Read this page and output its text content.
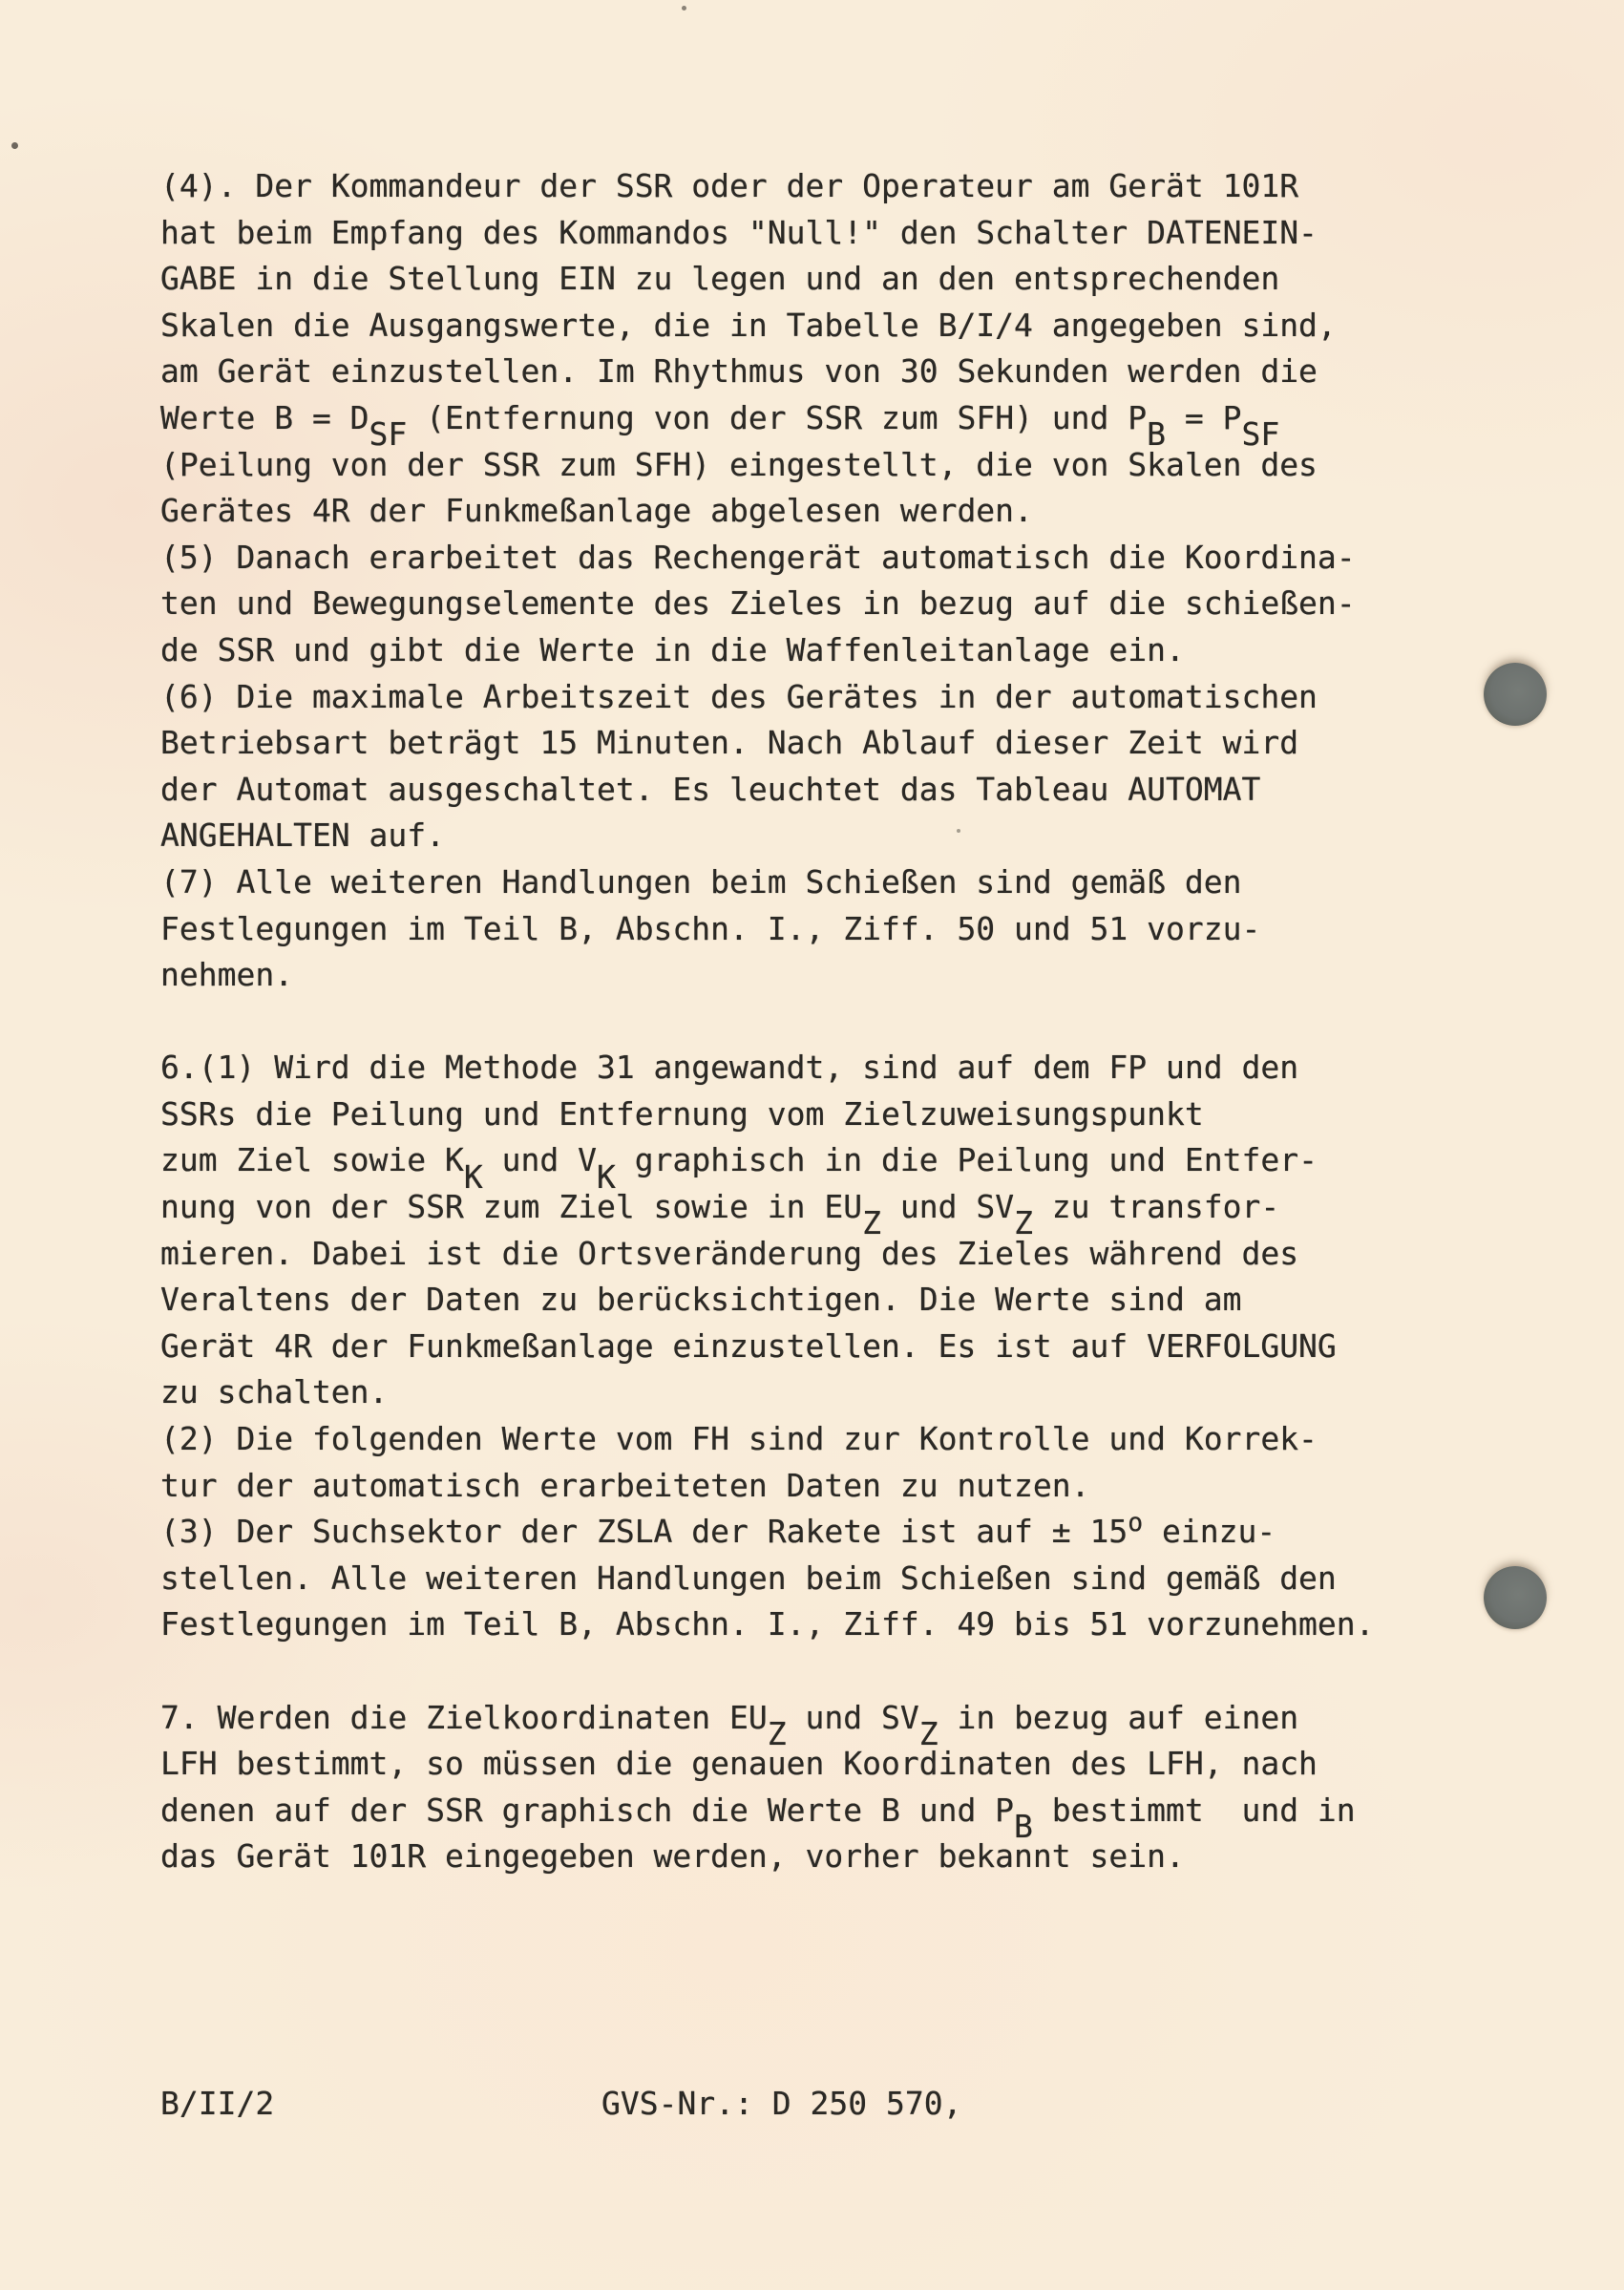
(4). Der Kommandeur der SSR oder der Operateur am Gerät 101R
hat beim Empfang des Kommandos "Null!" den Schalter DATENEIN-
GABE in die Stellung EIN zu legen und an den entsprechenden
Skalen die Ausgangswerte, die in Tabelle B/I/4 angegeben sind,
am Gerät einzustellen. Im Rhythmus von 30 Sekunden werden die
Werte B = DSF (Entfernung von der SSR zum SFH) und PB = PSF
(Peilung von der SSR zum SFH) eingestellt, die von Skalen des
Gerätes 4R der Funkmeßanlage abgelesen werden.
(5) Danach erarbeitet das Rechengerät automatisch die Koordina-
ten und Bewegungselemente des Zieles in bezug auf die schießen-
de SSR und gibt die Werte in die Waffenleitanlage ein.
(6) Die maximale Arbeitszeit des Gerätes in der automatischen
Betriebsart beträgt 15 Minuten. Nach Ablauf dieser Zeit wird
der Automat ausgeschaltet. Es leuchtet das Tableau AUTOMAT
ANGEHALTEN auf.
(7) Alle weiteren Handlungen beim Schießen sind gemäß den
Festlegungen im Teil B, Abschn. I., Ziff. 50 und 51 vorzu-
nehmen.

6.(1) Wird die Methode 31 angewandt, sind auf dem FP und den
SSRs die Peilung und Entfernung vom Zielzuweisungspunkt
zum Ziel sowie KK und VK graphisch in die Peilung und Entfer-
nung von der SSR zum Ziel sowie in EUZ und SVZ zu transfor-
mieren. Dabei ist die Ortsveränderung des Zieles während des
Veraltens der Daten zu berücksichtigen. Die Werte sind am
Gerät 4R der Funkmeßanlage einzustellen. Es ist auf VERFOLGUNG
zu schalten.
(2) Die folgenden Werte vom FH sind zur Kontrolle und Korrek-
tur der automatisch erarbeiteten Daten zu nutzen.
(3) Der Suchsektor der ZSLA der Rakete ist auf ± 15o einzu-
stellen. Alle weiteren Handlungen beim Schießen sind gemäß den
Festlegungen im Teil B, Abschn. I., Ziff. 49 bis 51 vorzunehmen.

7. Werden die Zielkoordinaten EUZ und SVZ in bezug auf einen
LFH bestimmt, so müssen die genauen Koordinaten des LFH, nach
denen auf der SSR graphisch die Werte B und PB bestimmt  und in
das Gerät 101R eingegeben werden, vorher bekannt sein.

B/II/2

	GVS-Nr.: D 250 570,
